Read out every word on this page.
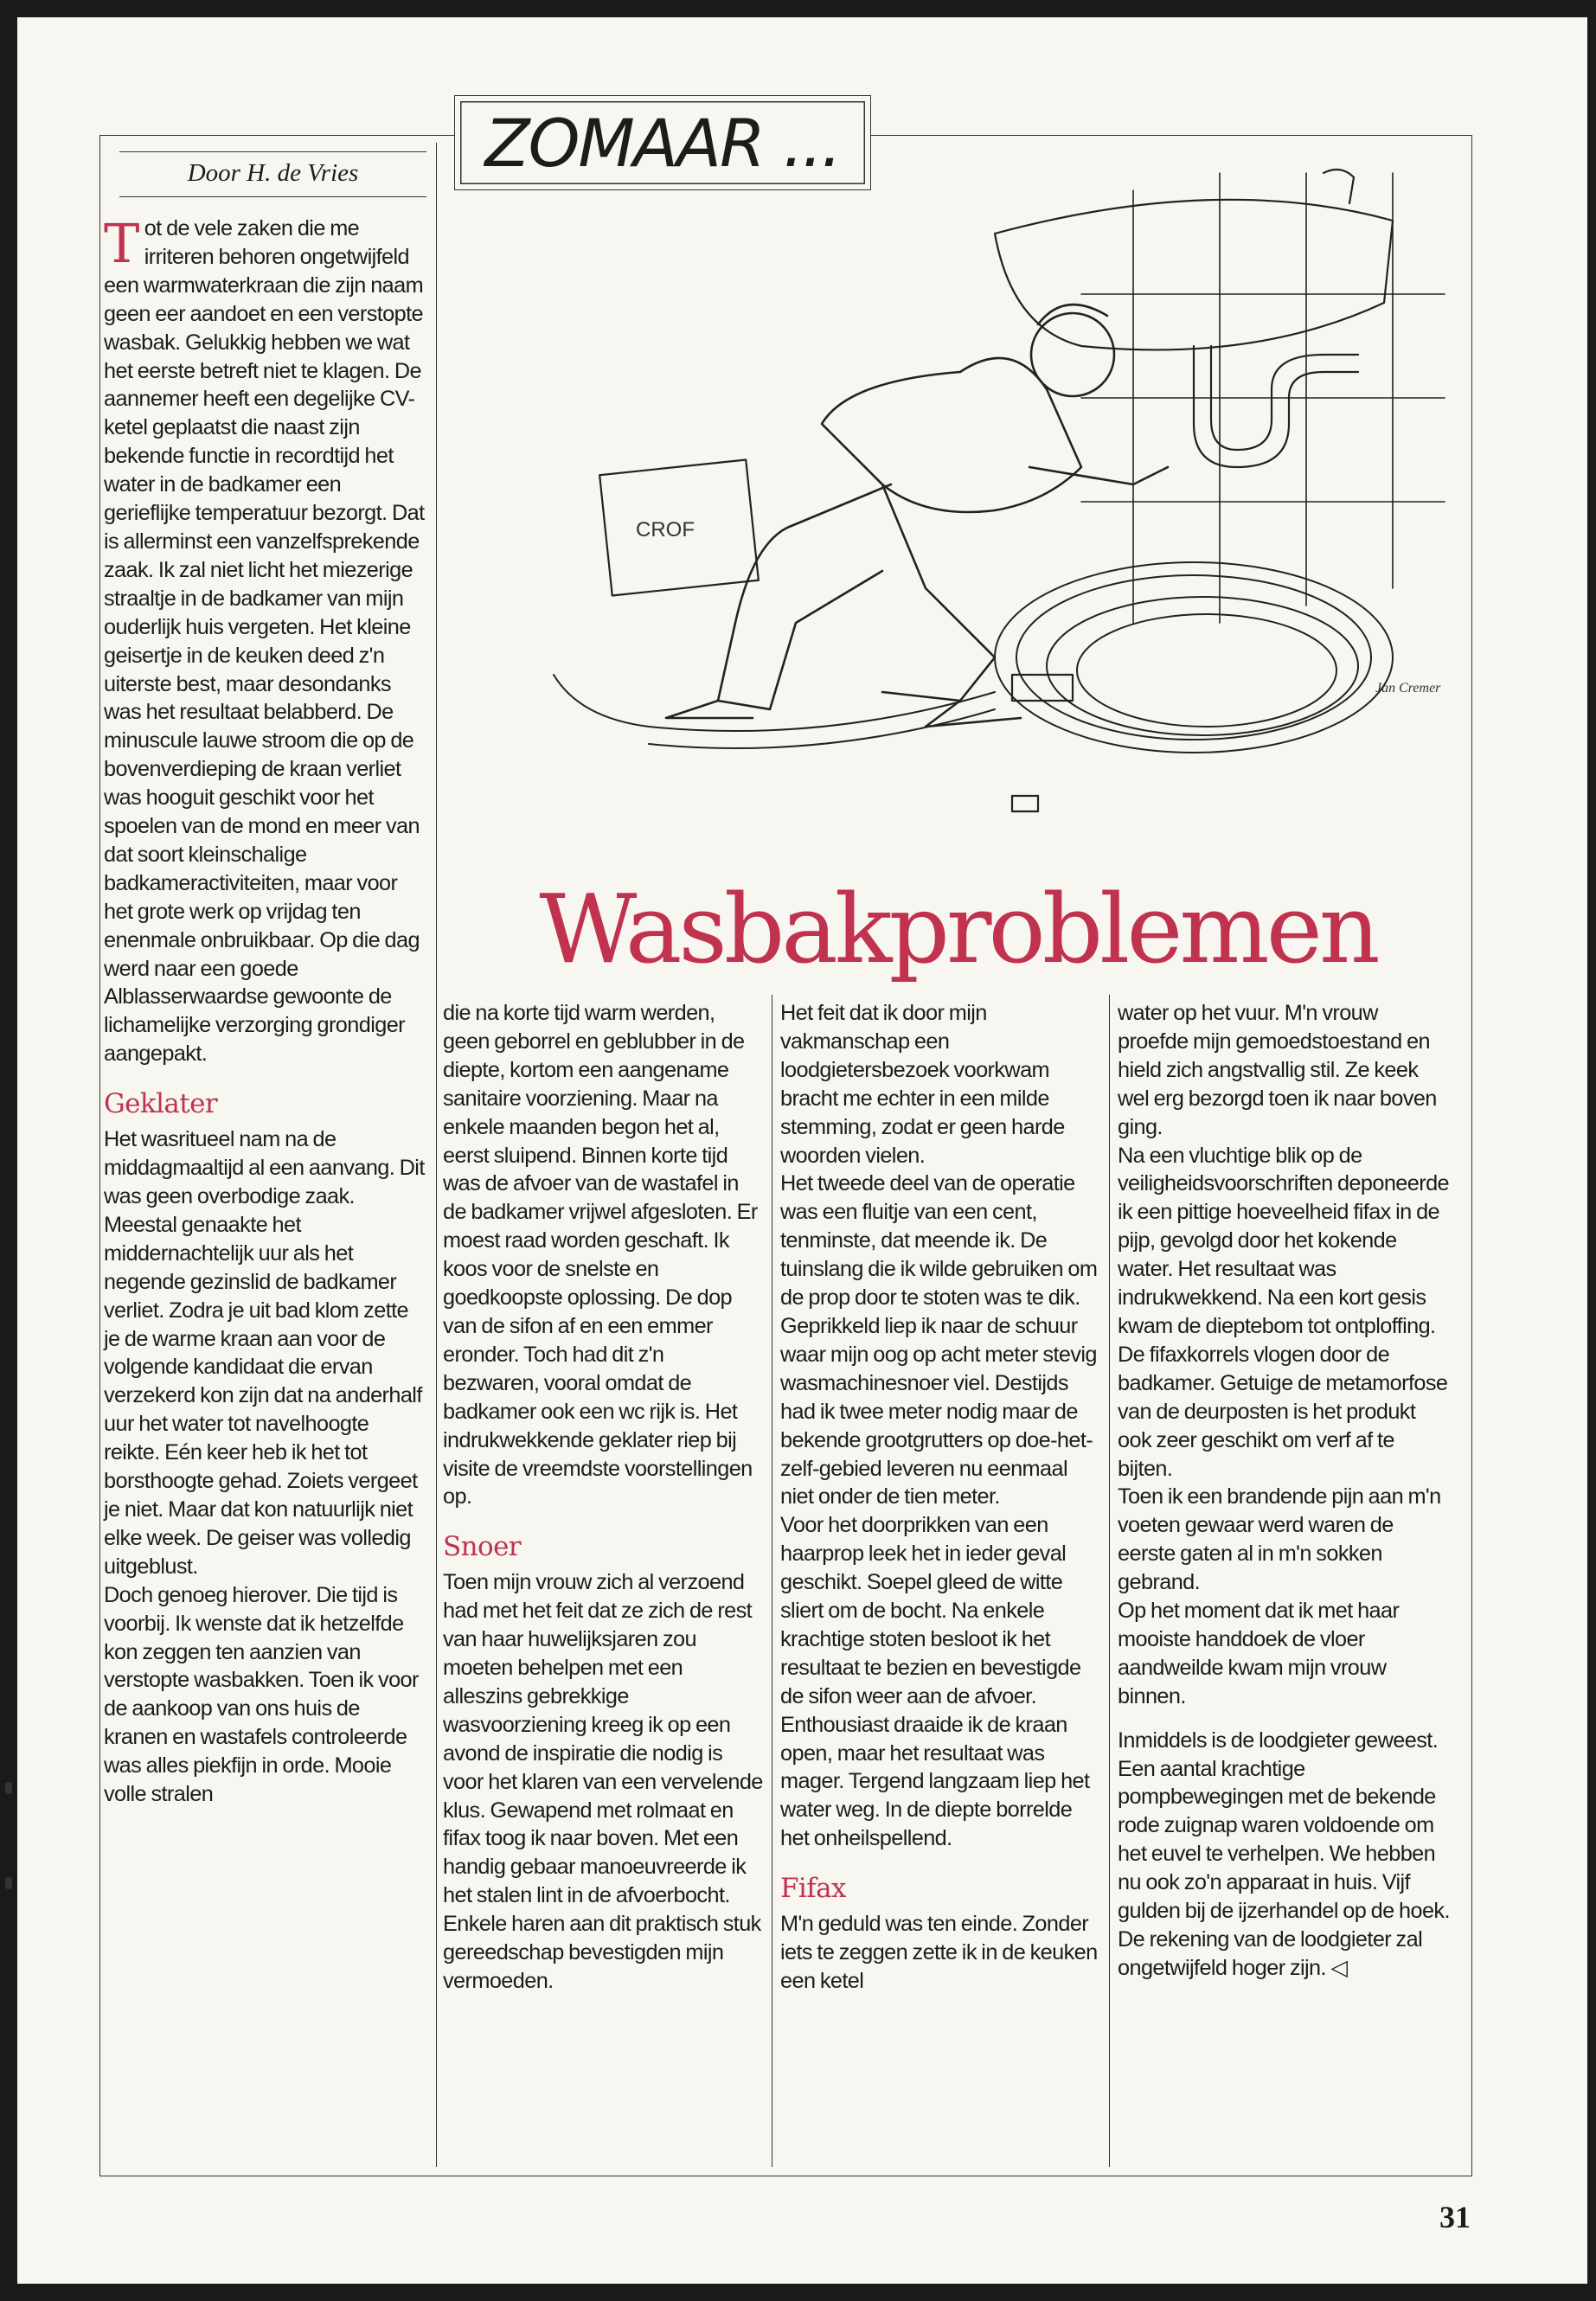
ZOMAAR ...
Door H. de Vries
CROF
Jan Cremer
Wasbakproblemen

Tot de vele zaken die me irriteren behoren ongetwijfeld een warmwaterkraan die zijn naam geen eer aandoet en een verstopte wasbak. Gelukkig hebben we wat het eerste betreft niet te klagen. De aannemer heeft een degelijke CV-ketel geplaatst die naast zijn bekende functie in recordtijd het water in de badkamer een gerieflijke temperatuur bezorgt. Dat is allerminst een vanzelfsprekende zaak. Ik zal niet licht het miezerige straaltje in de badkamer van mijn ouderlijk huis vergeten. Het kleine geisertje in de keuken deed z'n uiterste best, maar desondanks was het resultaat belabberd. De minuscule lauwe stroom die op de bovenverdieping de kraan verliet was hooguit geschikt voor het spoelen van de mond en meer van dat soort kleinschalige badkameractiviteiten, maar voor het grote werk op vrijdag ten enenmale onbruikbaar. Op die dag werd naar een goede Alblasserwaardse gewoonte de lichamelijke verzorging grondiger aangepakt.

Geklater

Het wasritueel nam na de middagmaaltijd al een aanvang. Dit was geen overbodige zaak. Meestal genaakte het middernachtelijk uur als het negende gezinslid de badkamer verliet. Zodra je uit bad klom zette je de warme kraan aan voor de volgende kandidaat die ervan verzekerd kon zijn dat na anderhalf uur het water tot navelhoogte reikte. Eén keer heb ik het tot borsthoogte gehad. Zoiets vergeet je niet. Maar dat kon natuurlijk niet elke week. De geiser was volledig uitgeblust.

Doch genoeg hierover. Die tijd is voorbij. Ik wenste dat ik hetzelfde kon zeggen ten aanzien van verstopte wasbakken. Toen ik voor de aankoop van ons huis de kranen en wastafels controleerde was alles piekfijn in orde. Mooie volle stralen

die na korte tijd warm werden, geen geborrel en geblubber in de diepte, kortom een aangename sanitaire voorziening. Maar na enkele maanden begon het al, eerst sluipend. Binnen korte tijd was de afvoer van de wastafel in de badkamer vrijwel afgesloten. Er moest raad worden geschaft. Ik koos voor de snelste en goedkoopste oplossing. De dop van de sifon af en een emmer eronder. Toch had dit z'n bezwaren, vooral omdat de badkamer ook een wc rijk is. Het indrukwekkende geklater riep bij visite de vreemdste voorstellingen op.

Snoer

Toen mijn vrouw zich al verzoend had met het feit dat ze zich de rest van haar huwelijksjaren zou moeten behelpen met een alleszins gebrekkige wasvoorziening kreeg ik op een avond de inspiratie die nodig is voor het klaren van een vervelende klus. Gewapend met rolmaat en fifax toog ik naar boven. Met een handig gebaar manoeuvreerde ik het stalen lint in de afvoerbocht. Enkele haren aan dit praktisch stuk gereedschap bevestigden mijn vermoeden.

Het feit dat ik door mijn vakmanschap een loodgietersbezoek voorkwam bracht me echter in een milde stemming, zodat er geen harde woorden vielen.

Het tweede deel van de operatie was een fluitje van een cent, tenminste, dat meende ik. De tuinslang die ik wilde gebruiken om de prop door te stoten was te dik. Geprikkeld liep ik naar de schuur waar mijn oog op acht meter stevig wasmachinesnoer viel. Destijds had ik twee meter nodig maar de bekende grootgrutters op doe-het-zelf-gebied leveren nu eenmaal niet onder de tien meter.

Voor het doorprikken van een haarprop leek het in ieder geval geschikt. Soepel gleed de witte sliert om de bocht. Na enkele krachtige stoten besloot ik het resultaat te bezien en bevestigde de sifon weer aan de afvoer.

Enthousiast draaide ik de kraan open, maar het resultaat was mager. Tergend langzaam liep het water weg. In de diepte borrelde het onheilspellend.

Fifax

M'n geduld was ten einde. Zonder iets te zeggen zette ik in de keuken een ketel

water op het vuur. M'n vrouw proefde mijn gemoedstoestand en hield zich angstvallig stil. Ze keek wel erg bezorgd toen ik naar boven ging.

Na een vluchtige blik op de veiligheidsvoorschriften deponeerde ik een pittige hoeveelheid fifax in de pijp, gevolgd door het kokende water. Het resultaat was indrukwekkend. Na een kort gesis kwam de dieptebom tot ontploffing. De fifaxkorrels vlogen door de badkamer. Getuige de metamorfose van de deurposten is het produkt ook zeer geschikt om verf af te bijten.

Toen ik een brandende pijn aan m'n voeten gewaar werd waren de eerste gaten al in m'n sokken gebrand.

Op het moment dat ik met haar mooiste handdoek de vloer aandweilde kwam mijn vrouw binnen.

Inmiddels is de loodgieter geweest. Een aantal krachtige pompbewegingen met de bekende rode zuignap waren voldoende om het euvel te verhelpen. We hebben nu ook zo'n apparaat in huis. Vijf gulden bij de ijzerhandel op de hoek. De rekening van de loodgieter zal ongetwijfeld hoger zijn. ◁

31
